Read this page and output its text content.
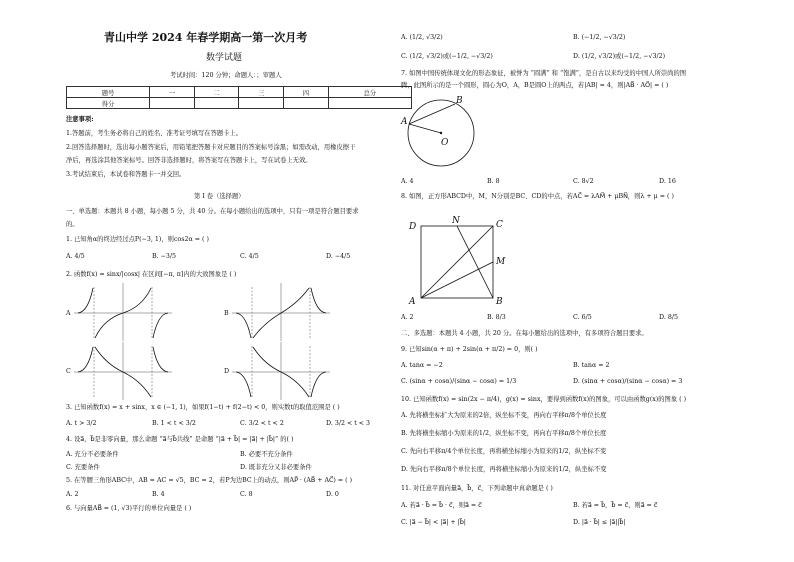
青山中学 2024 年春学期高一第一次月考
数学试题
考试时间：120 分钟；命题人：；审题人
题号	一	二	三	四	总分
得分					
注意事项:
1.答题前，考生务必将自己的姓名、准考证号填写在答题卡上。
2.回答选择题时，选出每小题答案后，用铅笔把答题卡对应题目的答案标号涂黑；如需改动，用橡皮擦干
净后，再选涂其他答案标号。回答非选择题时，将答案写在答题卡上，写在试卷上无效。
3.考试结束后，本试卷和答题卡一并交回。
第 I 卷（选择题）
一、单选题：本题共 8 小题，每小题 5 分，共 40 分。在每小题给出的选项中，只有一项是符合题目要求
的。
1. 已知角α的终边经过点P(−3, 1)，则cos2α = ( )
A. 4/5	B. −3/5	C. 4/5	D. −4/5
2. 函数f(x) = sinx/|cosx| 在区间[−π, π]内的大致图象是 ( )
A	B
C	D
3. 已知函数f(x) = x + sinx，x ∈ (−1, 1)，如果f(1−t) + f(2−t) < 0，则实数t的取值范围是 ( )
A. t > 3/2	B. 1 < t < 3/2	C. 3/2 < t < 2	D. 3/2 < t < 3
4. 设a⃗，b⃗是非零向量，那么命题 “a⃗与b⃗共线” 是命题 “|a⃗ + b⃗| = |a⃗| + |b⃗|” 的( )
A. 充分不必要条件	B. 必要不充分条件
C. 充要条件	D. 既非充分又非必要条件
5. 在等腰三角形ABC中，AB = AC = √5，BC = 2，若P为边BC上的动点，则AP⃗ · (AB⃗ + AC⃗) = ( )
A. 2	B. 4	C. 8	D. 0
6. 与向量AB⃗ = (1, √3)平行的单位向量是 ( )
A. (1/2, √3/2)	B. (−1/2, −√3/2)
C. (1/2, √3/2)或(−1/2, −√3/2)	D. (1/2, √3/2)或(−1/2, −√3/2)
7. 如图中国传统体现文化的形态象征，被誉为 “圆满” 和 “饱满”，是自古以来均受的中国人所崇尚的图
腾，此图所示的是一个圆形，圆心为O，A，B是圆O上的两点，若|AB| = 4，则|AB⃗ · AO⃗| = ( )
A
B
O
A. 4	B. 8	C. 8√2	D. 16
8. 如图，正方形ABCD中，M，N分别是BC、CD的中点，若AC⃗ = λAM⃗ + μBN⃗，则λ + μ = ( )
D
N	C
M
A	B
A. 2	B. 8/3	C. 6/5	D. 8/5
二、多选题：本题共 4 小题，共 20 分。在每小题给出的选项中，有多项符合题目要求。
9. 已知sin(α + π) + 2sin(α + π/2) = 0，则( )
A. tanα = −2	B. tanα = 2
C. (sinα + cosα)/(sinα − cosα) = 1/3	D. (sinα + cosα)/(sinα − cosα) = 3
10. 已知函数f(x) = sin(2x − π/4)，g(x) = sinx，要得到函数f(x)的图象，可以由函数g(x)的图象 ( )
A. 先将横坐标扩大为原来的2倍，纵坐标不变，再向右平移π/8个单位长度
B. 先将横坐标缩小为原来的1/2，纵坐标不变，再向右平移π/8个单位长度
C. 先向右平移π/4个单位长度，再将横坐标缩小为原来的1/2，纵坐标不变
D. 先向右平移π/8个单位长度，再将横坐标缩小为原来的1/2，纵坐标不变
11. 对任意平面向量a⃗，b⃗，c⃗，下列命题中真命题是 ( )
A. 若a⃗ · b⃗ = b⃗ · c⃗，则a⃗ = c⃗	B. 若a⃗ = b⃗，b⃗ = c⃗，则a⃗ = c⃗
C. |a⃗ − b⃗| < |a⃗| + |b⃗|	D. |a⃗ · b⃗| ≤ |a⃗||b⃗|
